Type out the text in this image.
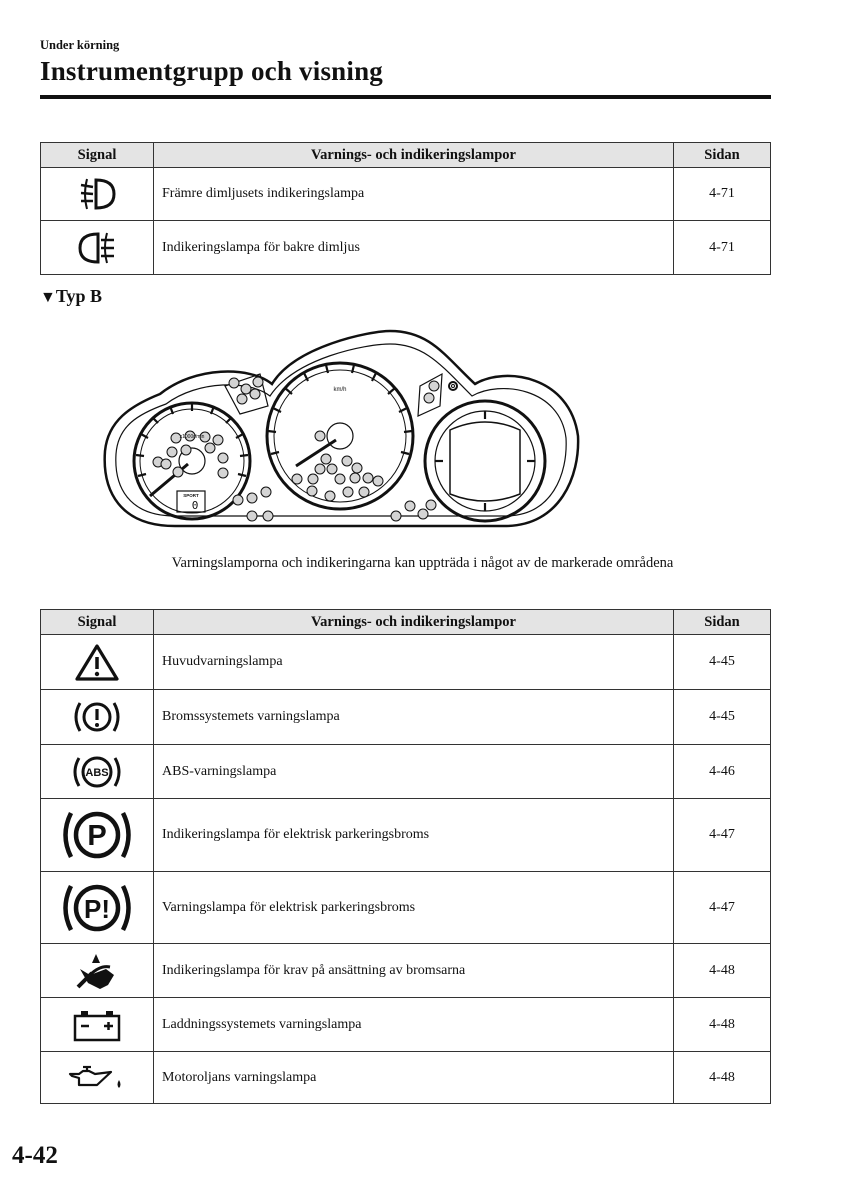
Under körning
Instrumentgrupp och visning
Signal	Varnings- och indikeringslampor	Sidan

	Främre dimljusets indikeringslampa	4-71

	Indikeringslampa för bakre dimljus	4-71
▼Typ B
x1000r/min
km/h
SPORT
0
Varningslamporna och indikeringarna kan uppträda i något av de markerade områdena
Signal	Varnings- och indikeringslampor	Sidan

	Huvudvarningslampa	4-45

	Bromssystemets varningslampa	4-45

ABS	ABS-varningslampa	4-46

P	Indikeringslampa för elektrisk parkeringsbroms	4-47

P!	Varningslampa för elektrisk parkeringsbroms	4-47

	Indikeringslampa för krav på ansättning av bromsarna	4-48

	Laddningssystemets varningslampa	4-48

	Motoroljans varningslampa	4-48
4-42
